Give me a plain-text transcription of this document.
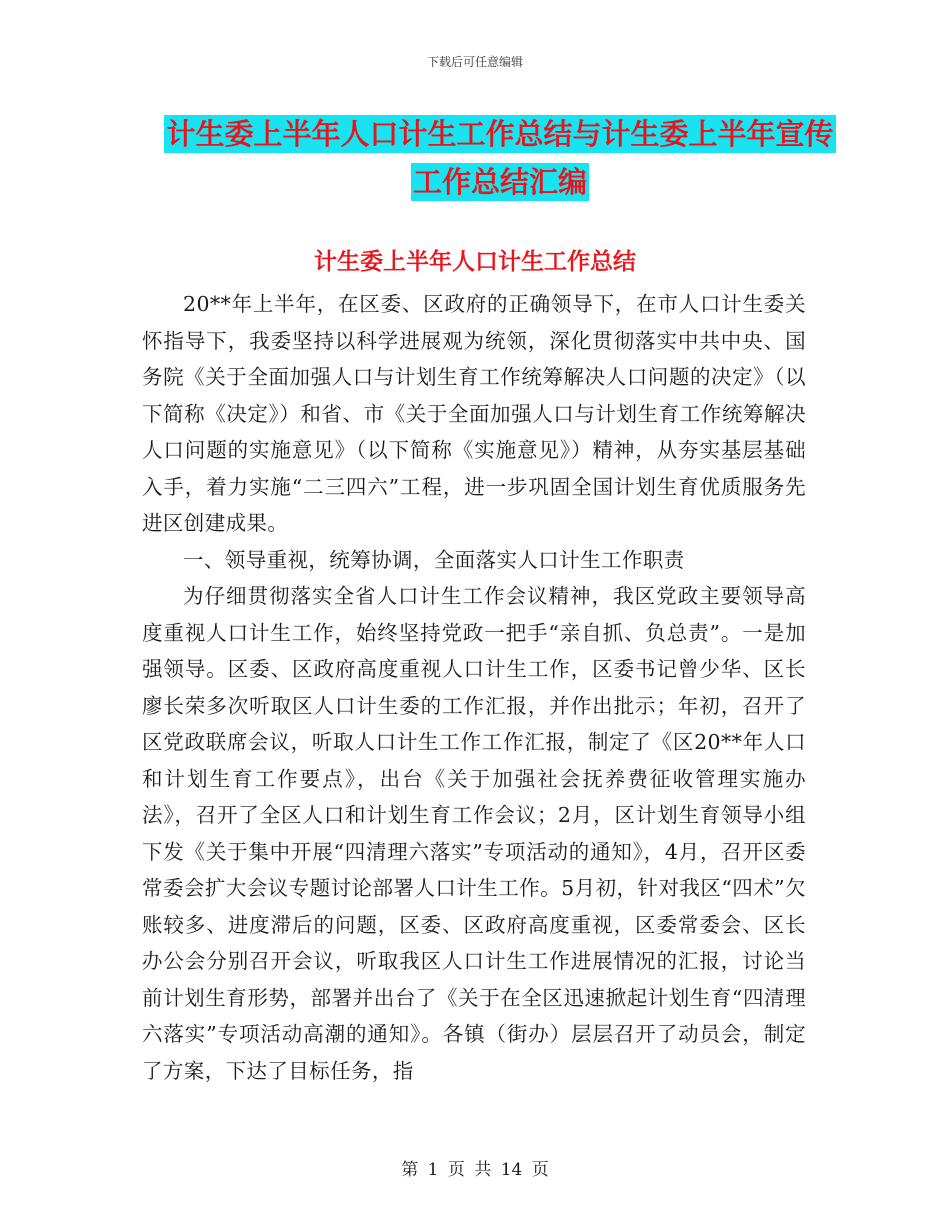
下载后可任意编辑
计生委上半年人口计生工作总结与计生委上半年宣传
工作总结汇编
计生委上半年人口计生工作总结

20**年上半年，在区委、区政府的正确领导下，在市人口计生委关怀指导下，我委坚持以科学进展观为统领，深化贯彻落实中共中央、国务院《关于全面加强人口与计划生育工作统筹解决人口问题的决定》（以下简称《决定》）和省、市《关于全面加强人口与计划生育工作统筹解决人口问题的实施意见》（以下简称《实施意见》）精神，从夯实基层基础入手，着力实施“二三四六”工程，进一步巩固全国计划生育优质服务先进区创建成果。

一、领导重视，统筹协调，全面落实人口计生工作职责

为仔细贯彻落实全省人口计生工作会议精神，我区党政主要领导高度重视人口计生工作，始终坚持党政一把手“亲自抓、负总责”。一是加强领导。区委、区政府高度重视人口计生工作，区委书记曾少华、区长廖长荣多次听取区人口计生委的工作汇报，并作出批示；年初，召开了区党政联席会议，听取人口计生工作工作汇报，制定了《区20**年人口和计划生育工作要点》，出台《关于加强社会抚养费征收管理实施办法》，召开了全区人口和计划生育工作会议；2月，区计划生育领导小组下发《关于集中开展“四清理六落实”专项活动的通知》，4月，召开区委常委会扩大会议专题讨论部署人口计生工作。5月初，针对我区“四术”欠账较多、进度滞后的问题，区委、区政府高度重视，区委常委会、区长办公会分别召开会议，听取我区人口计生工作进展情况的汇报，讨论当前计划生育形势，部署并出台了《关于在全区迅速掀起计划生育“四清理六落实”专项活动高潮的通知》。各镇（街办）层层召开了动员会，制定了方案，下达了目标任务，指

第 1 页 共 14 页
